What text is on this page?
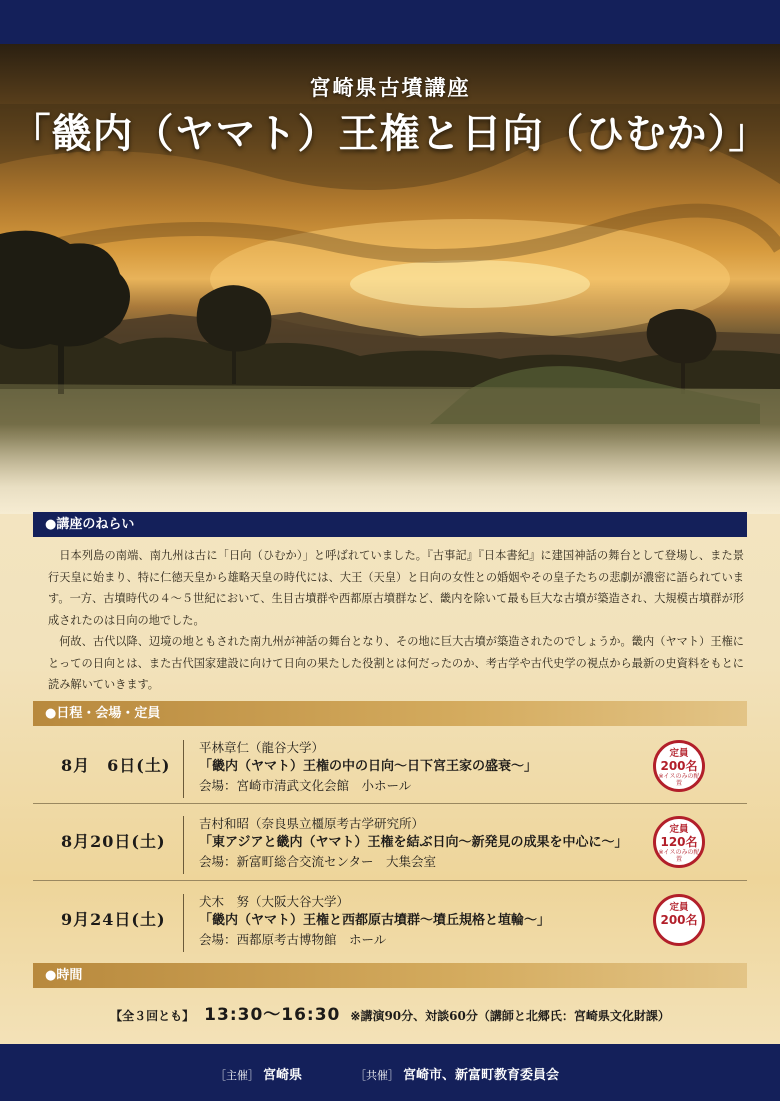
宮崎県古墳講座
「畿内（ヤマト）王権と日向（ひむか）」
●講座のねらい

日本列島の南端、南九州は古に「日向（ひむか）」と呼ばれていました。『古事記』『日本書紀』に建国神話の舞台として登場し、また景行天皇に始まり、特に仁徳天皇から雄略天皇の時代には、大王（天皇）と日向の女性との婚姻やその皇子たちの悲劇が濃密に語られています。一方、古墳時代の４～５世紀において、生目古墳群や西都原古墳群など、畿内を除いて最も巨大な古墳が築造され、大規模古墳群が形成されたのは日向の地でした。

何故、古代以降、辺境の地ともされた南九州が神話の舞台となり、その地に巨大古墳が築造されたのでしょうか。畿内（ヤマト）王権にとっての日向とは、また古代国家建設に向けて日向の果たした役割とは何だったのか、考古学や古代史学の視点から最新の史資料をもとに読み解いていきます。

●日程・会場・定員
8月　6日(土)
平林章仁（龍谷大学）
「畿内（ヤマト）王権の中の日向～日下宮王家の盛衰～」
会場：宮崎市清武文化会館　小ホール
定員
200名
※イスのみの配置
8月20日(土)
吉村和昭（奈良県立橿原考古学研究所）
「東アジアと畿内（ヤマト）王権を結ぶ日向～新発見の成果を中心に～」
会場：新富町総合交流センター　大集会室
定員
120名
※イスのみの配置
9月24日(土)
犬木　努（大阪大谷大学）
「畿内（ヤマト）王権と西都原古墳群～墳丘規格と埴輪～」
会場：西都原考古博物館　ホール
定員
200名
●時間
【全３回とも】 13:30～16:30 ※講演90分、対談60分（講師と北郷氏：宮崎県文化財課）
［主催］ 宮崎県	［共催］ 宮崎市、新富町教育委員会
